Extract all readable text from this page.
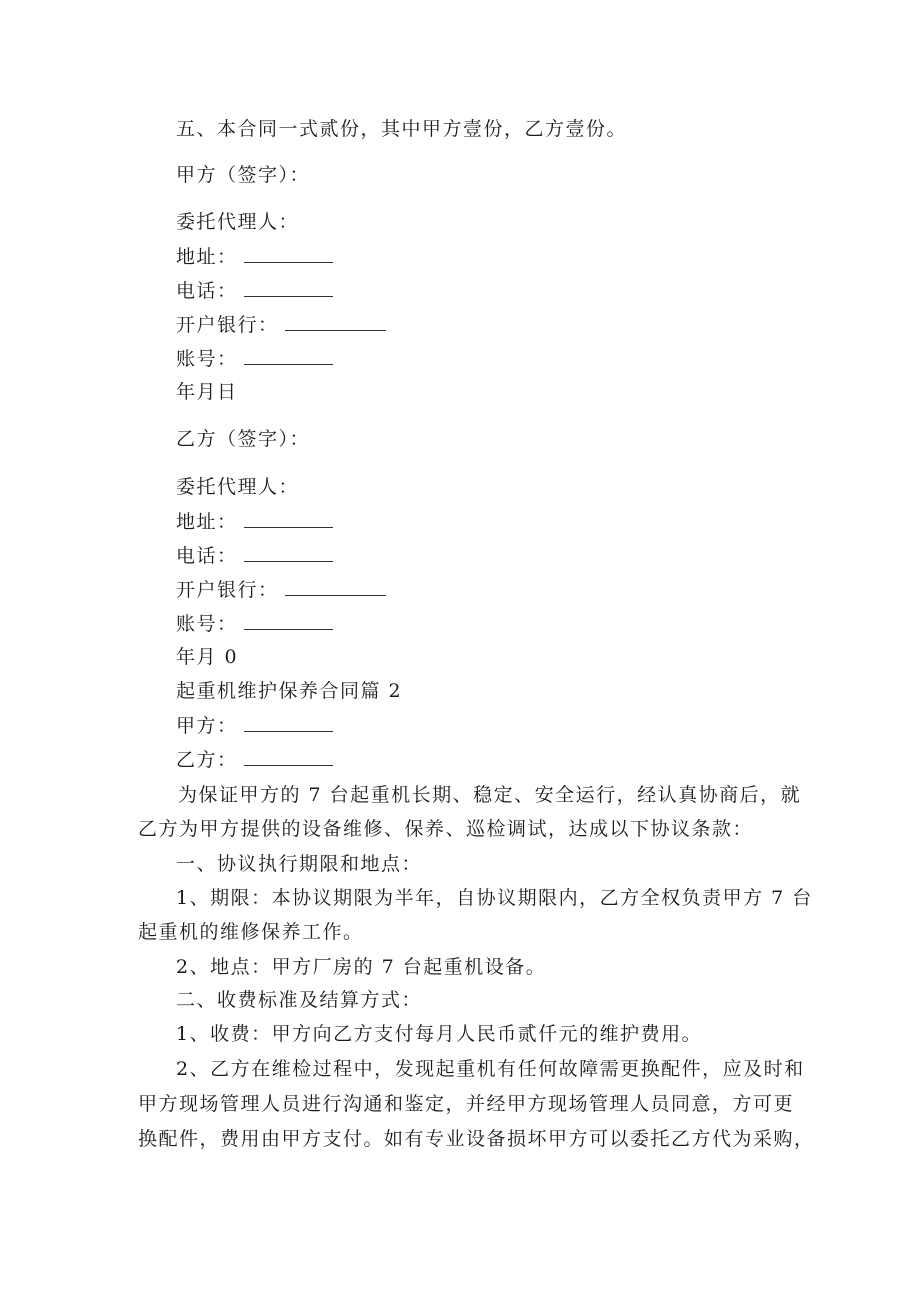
五、本合同一式贰份，其中甲方壹份，乙方壹份。
甲方（签字）：
委托代理人：
地址：
电话：
开户银行：
账号：
年月日
乙方（签字）：
委托代理人：
地址：
电话：
开户银行：
账号：
年月 0
起重机维护保养合同篇 2
甲方：
乙方：
为保证甲方的 7 台起重机长期、稳定、安全运行，经认真协商后，就
乙方为甲方提供的设备维修、保养、巡检调试，达成以下协议条款：
一、协议执行期限和地点：
1、期限：本协议期限为半年，自协议期限内，乙方全权负责甲方 7 台
起重机的维修保养工作。
2、地点：甲方厂房的 7 台起重机设备。
二、收费标准及结算方式：
1、收费：甲方向乙方支付每月人民币贰仟元的维护费用。
2、乙方在维检过程中，发现起重机有任何故障需更换配件，应及时和
甲方现场管理人员进行沟通和鉴定，并经甲方现场管理人员同意，方可更
换配件，费用由甲方支付。如有专业设备损坏甲方可以委托乙方代为采购，
